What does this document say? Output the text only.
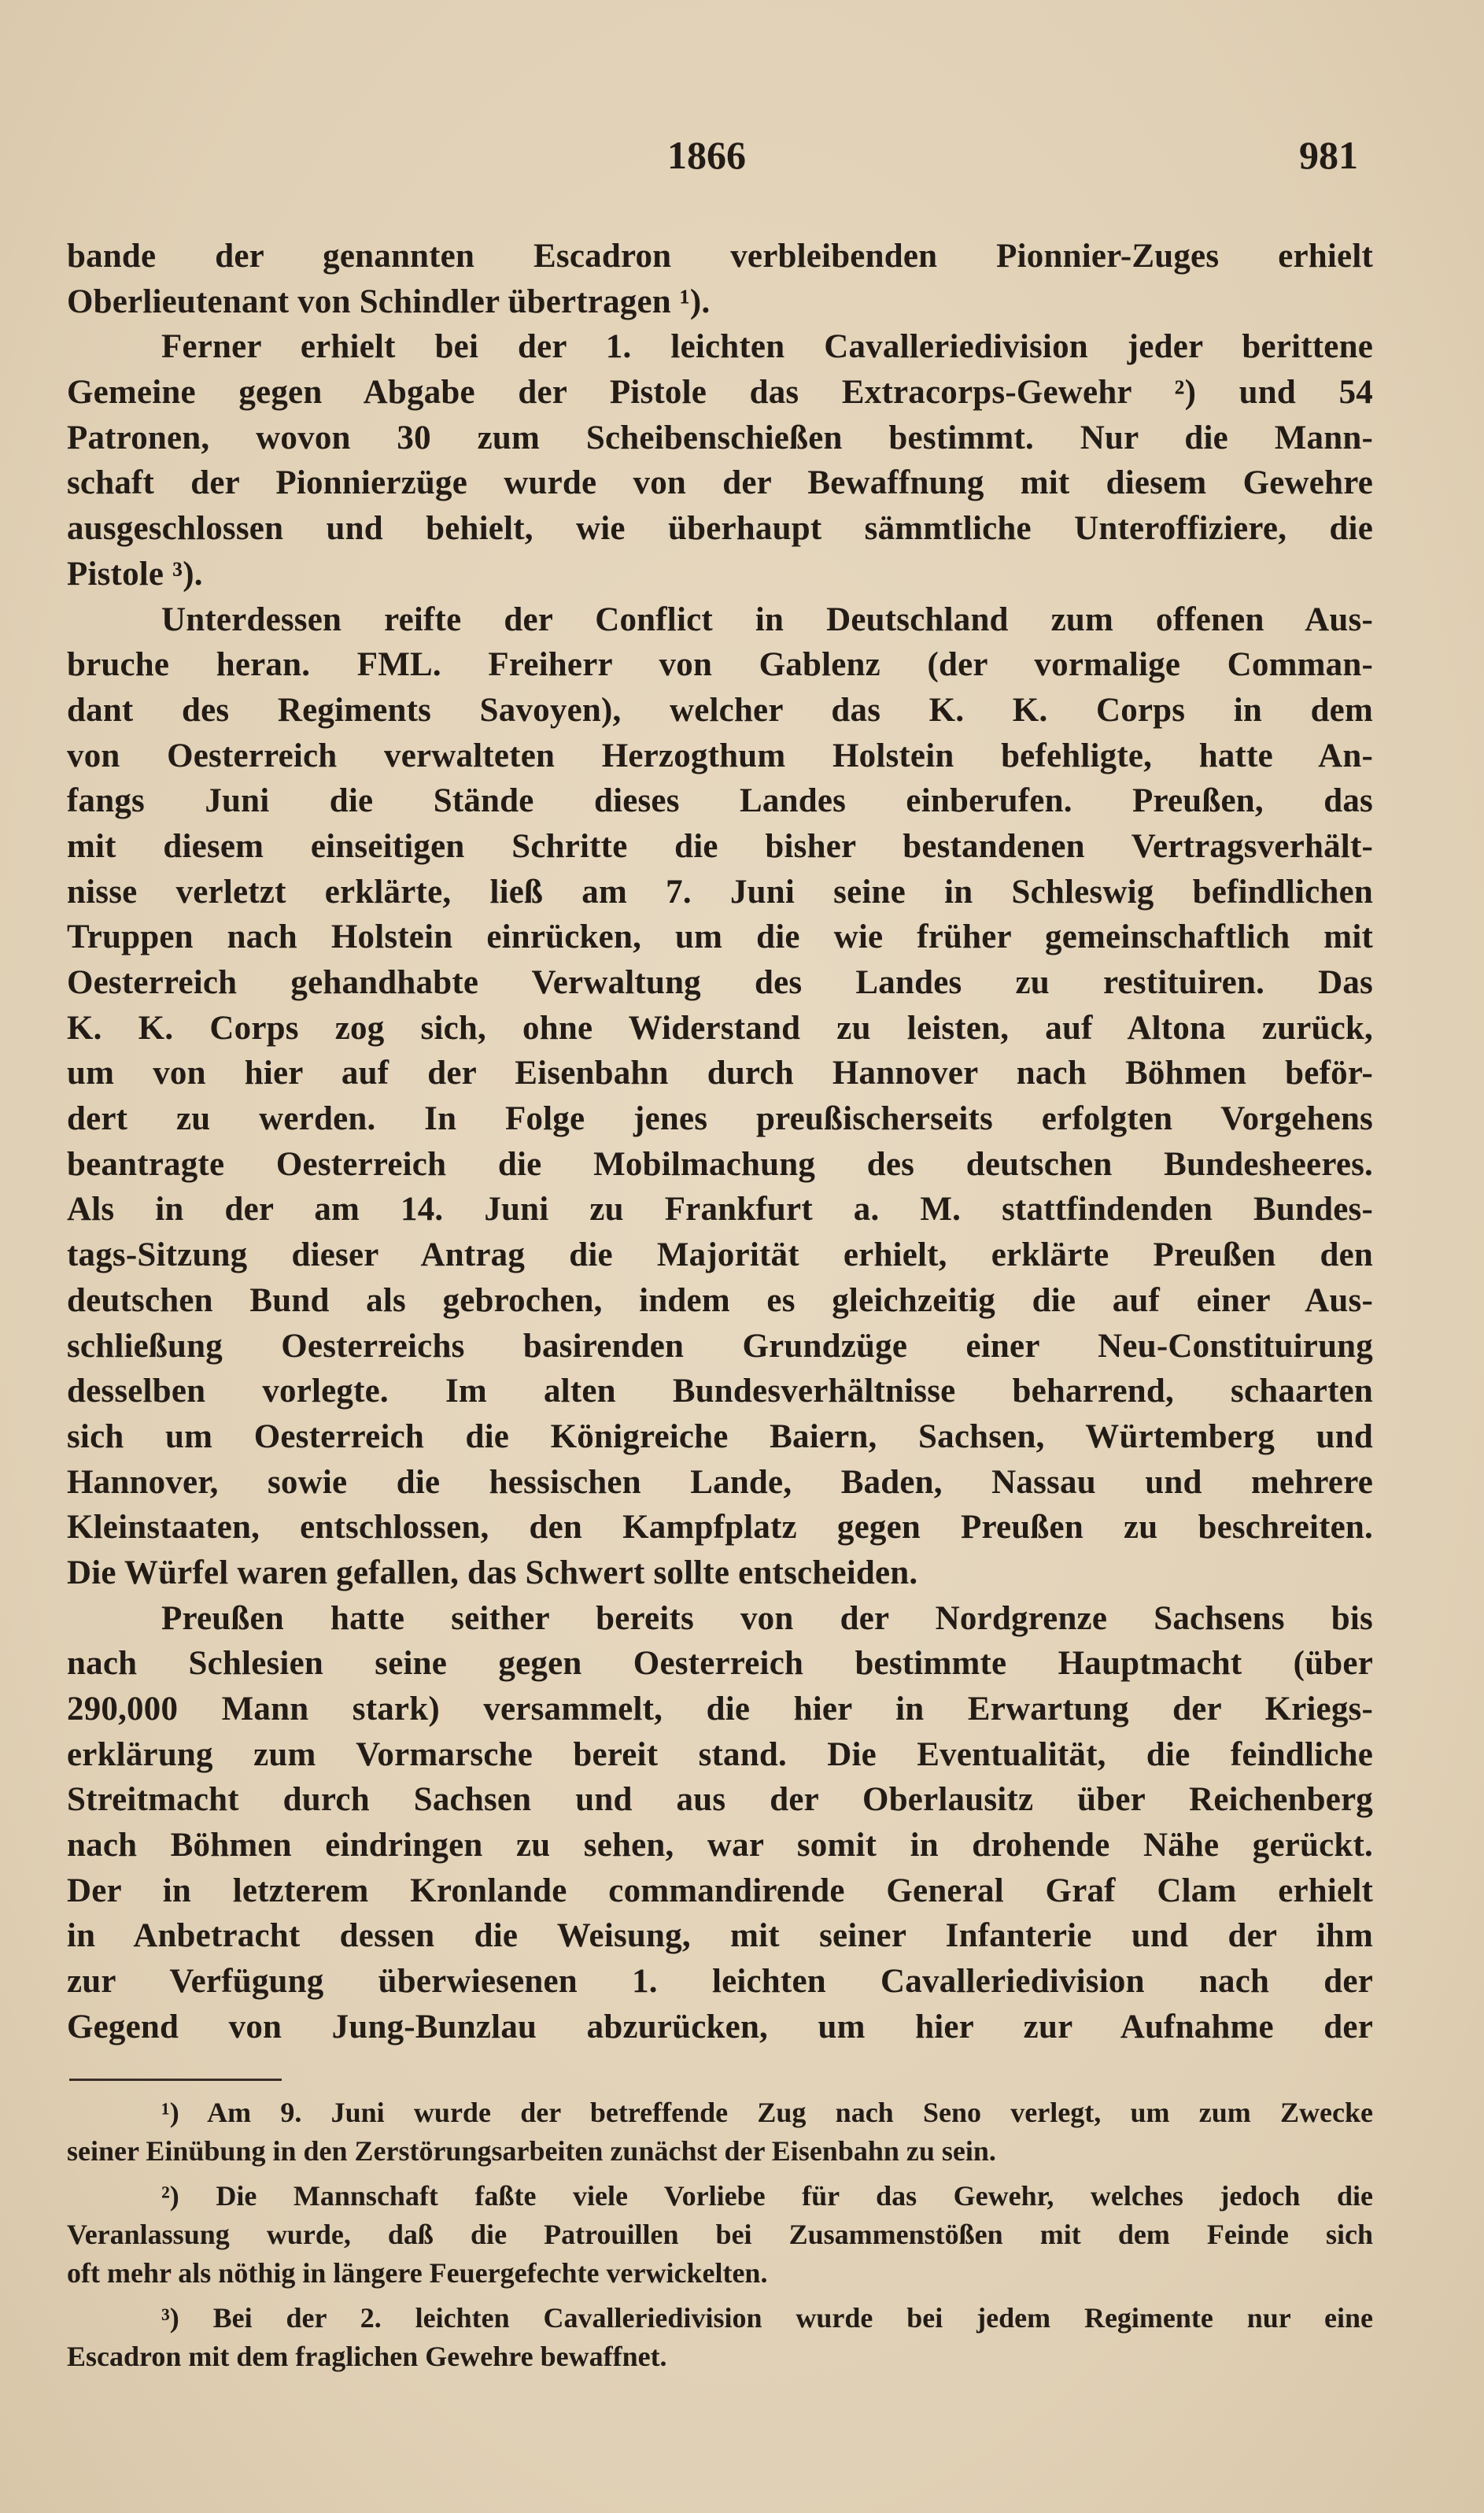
1866	981
bande der genannten Escadron verbleibenden Pionnier-Zuges erhielt
Oberlieutenant von Schindler übertragen ¹).
Ferner erhielt bei der 1. leichten Cavalleriedivision jeder berittene
Gemeine gegen Abgabe der Pistole das Extracorps-Gewehr ²) und 54
Patronen, wovon 30 zum Scheibenschießen bestimmt. Nur die Mann-
schaft der Pionnierzüge wurde von der Bewaffnung mit diesem Gewehre
ausgeschlossen und behielt, wie überhaupt sämmtliche Unteroffiziere, die
Pistole ³).
Unterdessen reifte der Conflict in Deutschland zum offenen Aus-
bruche heran. FML. Freiherr von Gablenz (der vormalige Comman-
dant des Regiments Savoyen), welcher das K. K. Corps in dem
von Oesterreich verwalteten Herzogthum Holstein befehligte, hatte An-
fangs Juni die Stände dieses Landes einberufen. Preußen, das
mit diesem einseitigen Schritte die bisher bestandenen Vertragsverhält-
nisse verletzt erklärte, ließ am 7. Juni seine in Schleswig befindlichen
Truppen nach Holstein einrücken, um die wie früher gemeinschaftlich mit
Oesterreich gehandhabte Verwaltung des Landes zu restituiren. Das
K. K. Corps zog sich, ohne Widerstand zu leisten, auf Altona zurück,
um von hier auf der Eisenbahn durch Hannover nach Böhmen beför-
dert zu werden. In Folge jenes preußischerseits erfolgten Vorgehens
beantragte Oesterreich die Mobilmachung des deutschen Bundesheeres.
Als in der am 14. Juni zu Frankfurt a. M. stattfindenden Bundes-
tags-Sitzung dieser Antrag die Majorität erhielt, erklärte Preußen den
deutschen Bund als gebrochen, indem es gleichzeitig die auf einer Aus-
schließung Oesterreichs basirenden Grundzüge einer Neu-Constituirung
desselben vorlegte. Im alten Bundesverhältnisse beharrend, schaarten
sich um Oesterreich die Königreiche Baiern, Sachsen, Würtemberg und
Hannover, sowie die hessischen Lande, Baden, Nassau und mehrere
Kleinstaaten, entschlossen, den Kampfplatz gegen Preußen zu beschreiten.
Die Würfel waren gefallen, das Schwert sollte entscheiden.
Preußen hatte seither bereits von der Nordgrenze Sachsens bis
nach Schlesien seine gegen Oesterreich bestimmte Hauptmacht (über
290,000 Mann stark) versammelt, die hier in Erwartung der Kriegs-
erklärung zum Vormarsche bereit stand. Die Eventualität, die feindliche
Streitmacht durch Sachsen und aus der Oberlausitz über Reichenberg
nach Böhmen eindringen zu sehen, war somit in drohende Nähe gerückt.
Der in letzterem Kronlande commandirende General Graf Clam erhielt
in Anbetracht dessen die Weisung, mit seiner Infanterie und der ihm
zur Verfügung überwiesenen 1. leichten Cavalleriedivision nach der
Gegend von Jung-Bunzlau abzurücken, um hier zur Aufnahme der
¹) Am 9. Juni wurde der betreffende Zug nach Seno verlegt, um zum Zwecke
seiner Einübung in den Zerstörungsarbeiten zunächst der Eisenbahn zu sein.
²) Die Mannschaft faßte viele Vorliebe für das Gewehr, welches jedoch die
Veranlassung wurde, daß die Patrouillen bei Zusammenstößen mit dem Feinde sich
oft mehr als nöthig in längere Feuergefechte verwickelten.
³) Bei der 2. leichten Cavalleriedivision wurde bei jedem Regimente nur eine
Escadron mit dem fraglichen Gewehre bewaffnet.
